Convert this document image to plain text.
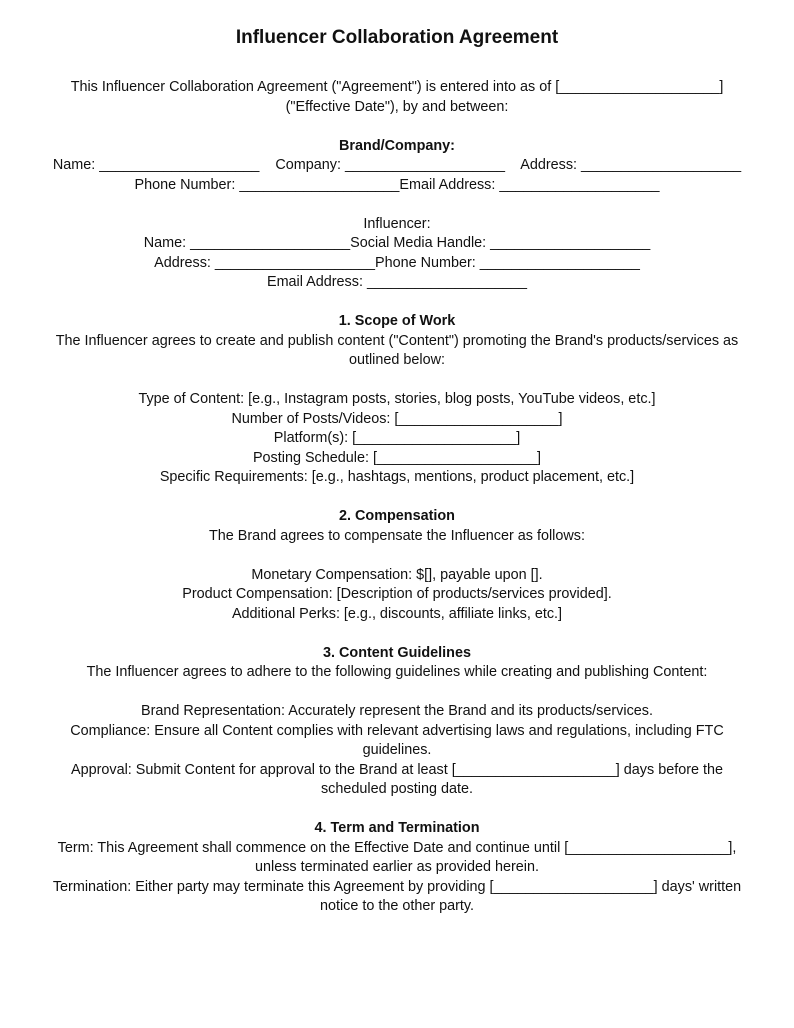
Influencer Collaboration Agreement
This Influencer Collaboration Agreement ("Agreement") is entered into as of [____________________]
("Effective Date"), by and between:
Brand/Company:
Name: ____________________ Company: ____________________ Address: ____________________
Phone Number: ____________________Email Address: ____________________
Influencer:
Name: ____________________Social Media Handle: ____________________
Address: ____________________Phone Number: ____________________
Email Address: ____________________
1. Scope of Work
The Influencer agrees to create and publish content ("Content") promoting the Brand's products/services as
outlined below:
Type of Content: [e.g., Instagram posts, stories, blog posts, YouTube videos, etc.]
Number of Posts/Videos: [____________________]
Platform(s): [____________________]
Posting Schedule: [____________________]
Specific Requirements: [e.g., hashtags, mentions, product placement, etc.]
2. Compensation
The Brand agrees to compensate the Influencer as follows:
Monetary Compensation: $[], payable upon [].
Product Compensation: [Description of products/services provided].
Additional Perks: [e.g., discounts, affiliate links, etc.]
3. Content Guidelines
The Influencer agrees to adhere to the following guidelines while creating and publishing Content:
Brand Representation: Accurately represent the Brand and its products/services.
Compliance: Ensure all Content complies with relevant advertising laws and regulations, including FTC
guidelines.
Approval: Submit Content for approval to the Brand at least [____________________] days before the
scheduled posting date.
4. Term and Termination
Term: This Agreement shall commence on the Effective Date and continue until [____________________],
unless terminated earlier as provided herein.
Termination: Either party may terminate this Agreement by providing [____________________] days' written
notice to the other party.
